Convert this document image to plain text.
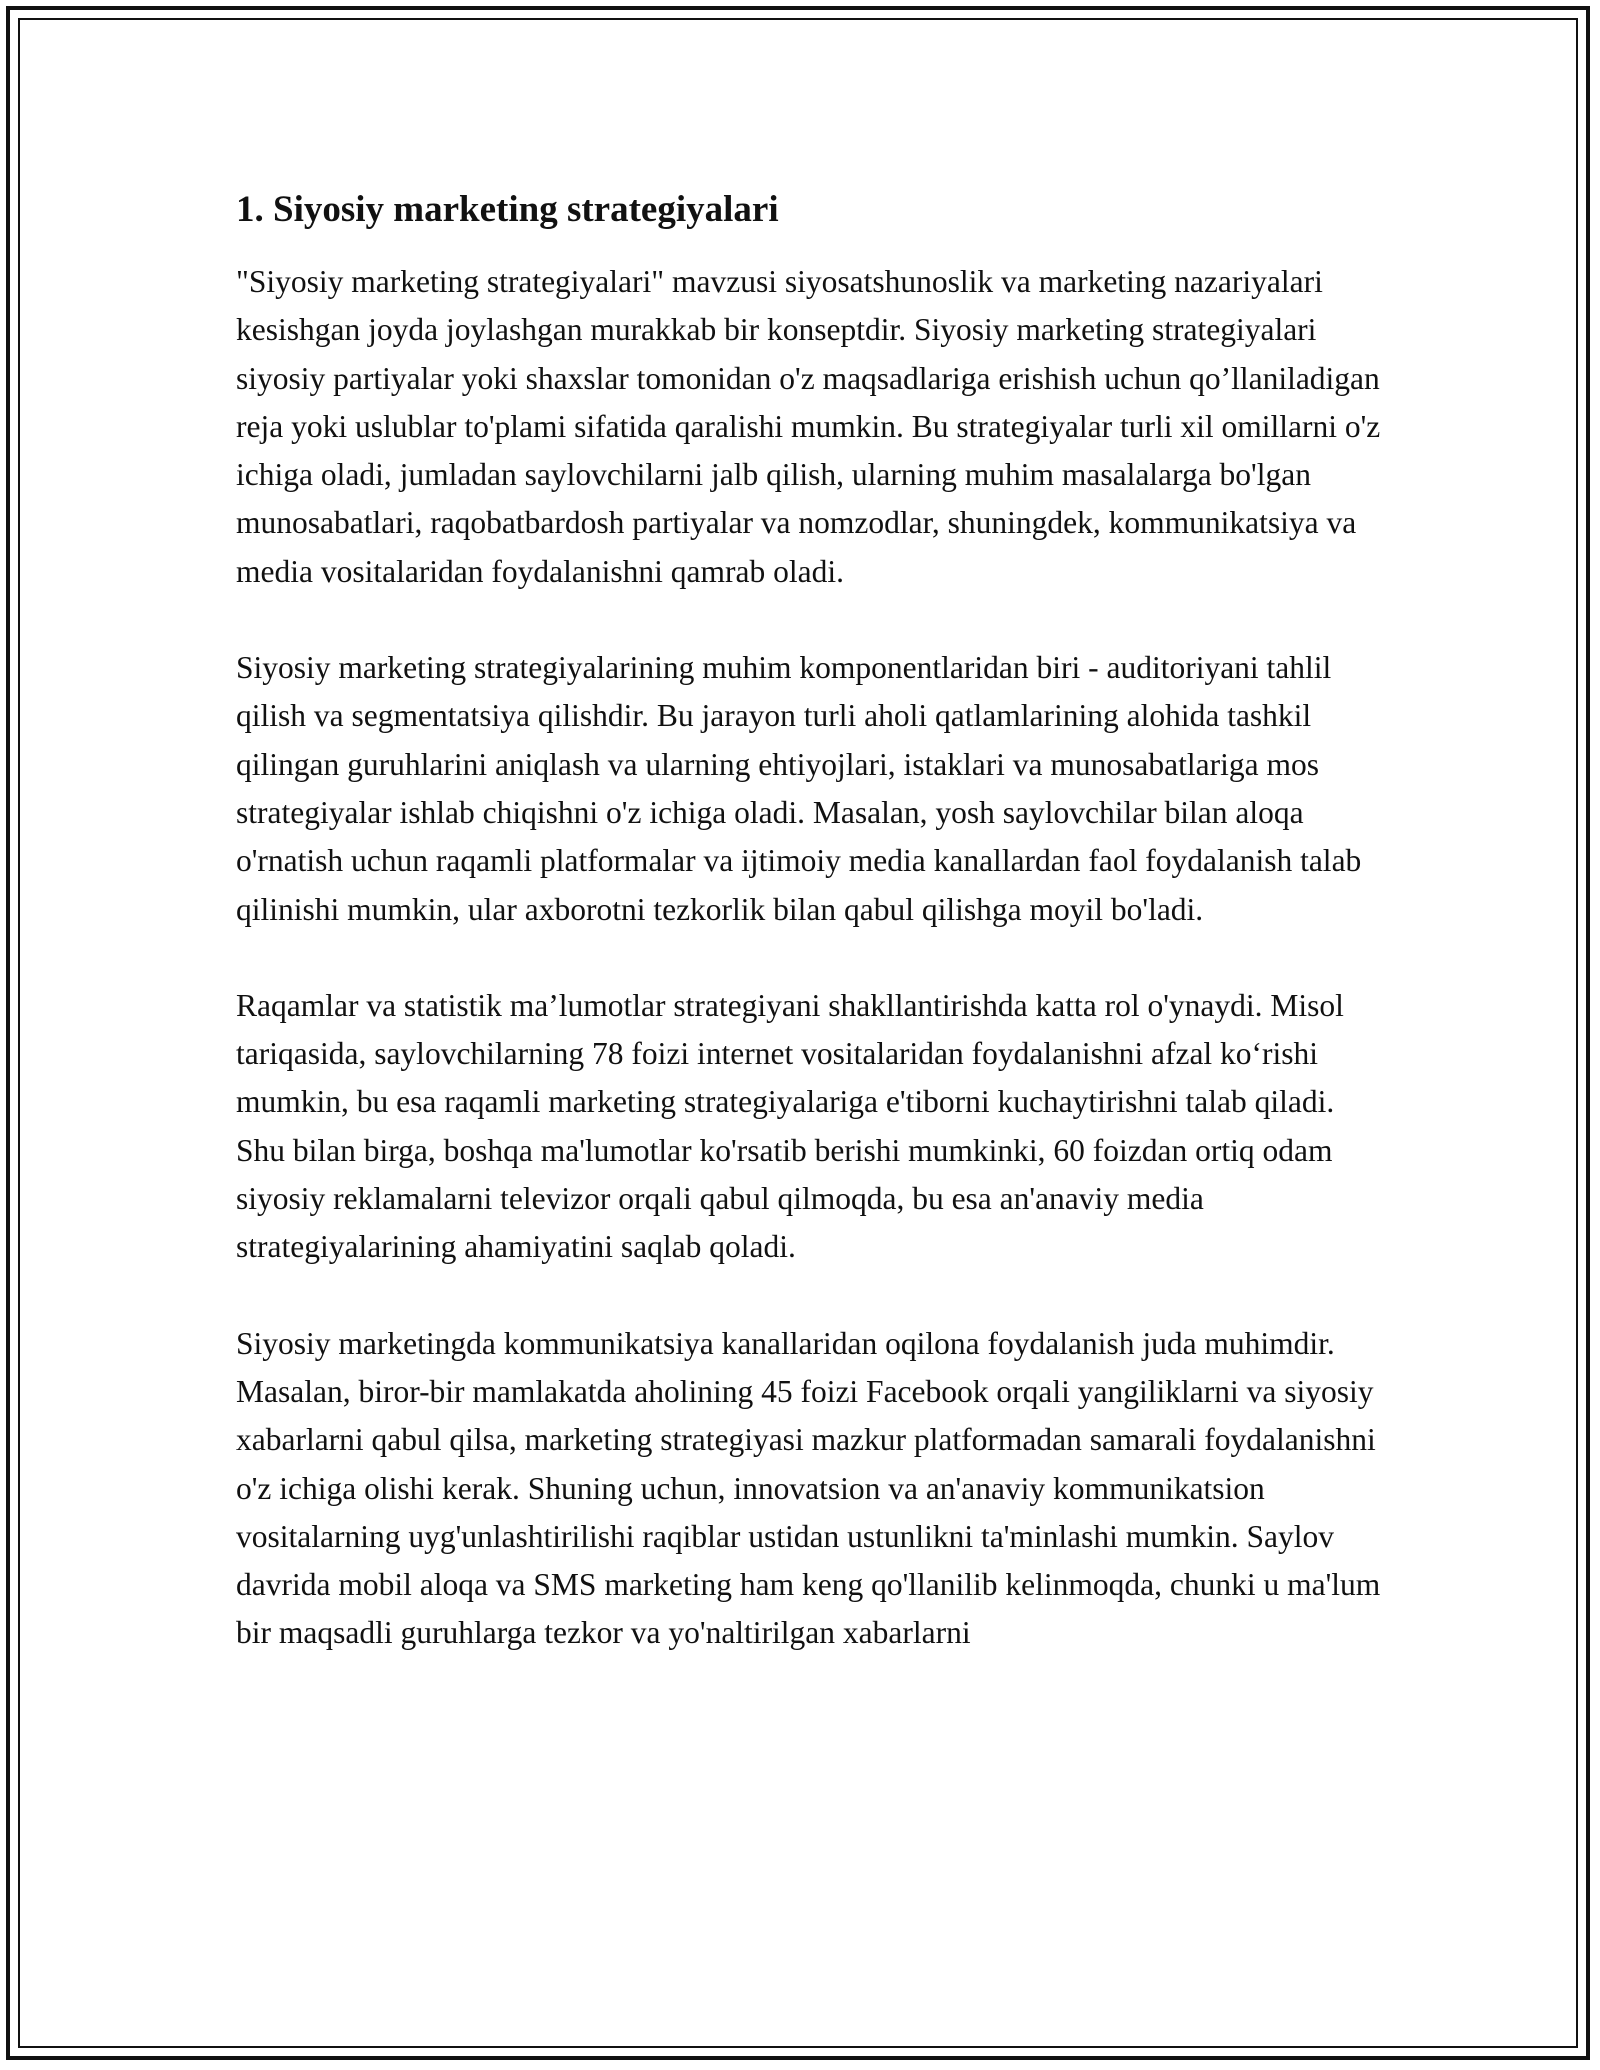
1. Siyosiy marketing strategiyalari

"Siyosiy marketing strategiyalari" mavzusi siyosatshunoslik va marketing nazariyalari kesishgan joyda joylashgan murakkab bir konseptdir. Siyosiy marketing strategiyalari siyosiy partiyalar yoki shaxslar tomonidan o'z maqsadlariga erishish uchun qo’llaniladigan reja yoki uslublar to'plami sifatida qaralishi mumkin. Bu strategiyalar turli xil omillarni o'z ichiga oladi, jumladan saylovchilarni jalb qilish, ularning muhim masalalarga bo'lgan munosabatlari, raqobatbardosh partiyalar va nomzodlar, shuningdek, kommunikatsiya va media vositalaridan foydalanishni qamrab oladi.

Siyosiy marketing strategiyalarining muhim komponentlaridan biri - auditoriyani tahlil qilish va segmentatsiya qilishdir. Bu jarayon turli aholi qatlamlarining alohida tashkil qilingan guruhlarini aniqlash va ularning ehtiyojlari, istaklari va munosabatlariga mos strategiyalar ishlab chiqishni o'z ichiga oladi. Masalan, yosh saylovchilar bilan aloqa o'rnatish uchun raqamli platformalar va ijtimoiy media kanallardan faol foydalanish talab qilinishi mumkin, ular axborotni tezkorlik bilan qabul qilishga moyil bo'ladi.

Raqamlar va statistik ma’lumotlar strategiyani shakllantirishda katta rol o'ynaydi. Misol tariqasida, saylovchilarning 78 foizi internet vositalaridan foydalanishni afzal ko‘rishi mumkin, bu esa raqamli marketing strategiyalariga e'tiborni kuchaytirishni talab qiladi. Shu bilan birga, boshqa ma'lumotlar ko'rsatib berishi mumkinki, 60 foizdan ortiq odam siyosiy reklamalarni televizor orqali qabul qilmoqda, bu esa an'anaviy media strategiyalarining ahamiyatini saqlab qoladi.

Siyosiy marketingda kommunikatsiya kanallaridan oqilona foydalanish juda muhimdir. Masalan, biror-bir mamlakatda aholining 45 foizi Facebook orqali yangiliklarni va siyosiy xabarlarni qabul qilsa, marketing strategiyasi mazkur platformadan samarali foydalanishni o'z ichiga olishi kerak. Shuning uchun, innovatsion va an'anaviy kommunikatsion vositalarning uyg'unlashtirilishi raqiblar ustidan ustunlikni ta'minlashi mumkin. Saylov davrida mobil aloqa va SMS marketing ham keng qo'llanilib kelinmoqda, chunki u ma'lum bir maqsadli guruhlarga tezkor va yo'naltirilgan xabarlarni
